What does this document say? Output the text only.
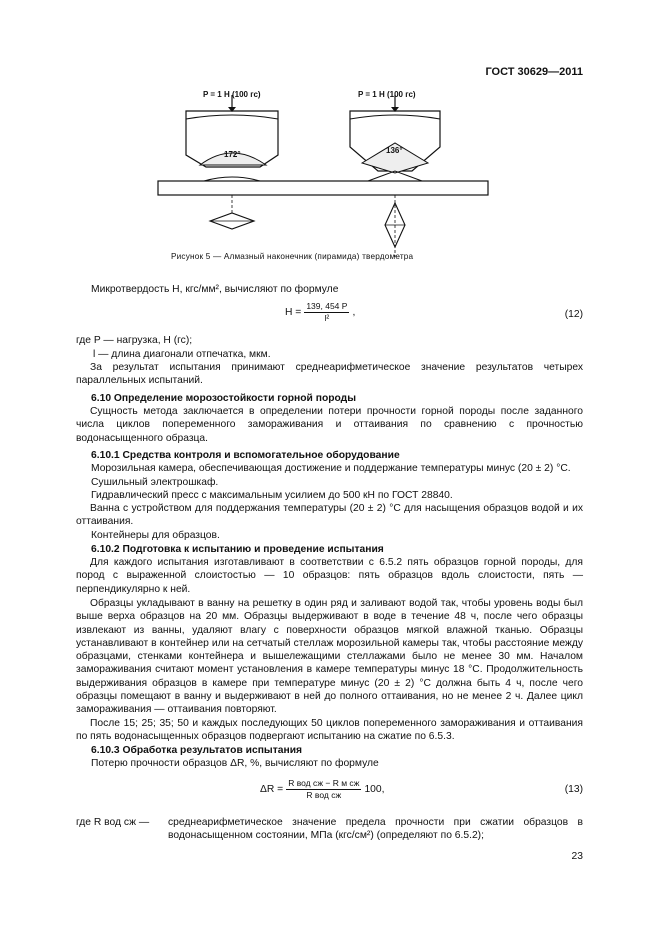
ГОСТ 30629—2011
P = 1 Н (100 гс)	P = 1 Н (100 гс)
172°	136°
Рисунок 5 — Алмазный наконечник (пирамида) твердометра
Микротвердость H, кгс/мм², вычисляют по формуле
$H = \frac{139, 454 P}{\text{l²}}$ ,	(12)
где P — нагрузка, Н (гс);
l — длина диагонали отпечатка, мкм.
За результат испытания принимают среднеарифметическое значение результатов четырех параллельных испытаний.
6.10 Определение морозостойкости горной породы
Сущность метода заключается в определении потери прочности горной породы после заданного числа циклов попеременного замораживания и оттаивания по сравнению с прочностью водонасыщенного образца.
6.10.1 Средства контроля и вспомогательное оборудование
Морозильная камера, обеспечивающая достижение и поддержание температуры минус (20 ± 2) °С.
Сушильный электрошкаф.
Гидравлический пресс с максимальным усилием до 500 кН по ГОСТ 28840.
Ванна с устройством для поддержания температуры (20 ± 2) °С для насыщения образцов водой и их оттаивания.
Контейнеры для образцов.
6.10.2 Подготовка к испытанию и проведение испытания
Для каждого испытания изготавливают в соответствии с 6.5.2 пять образцов горной породы, для пород с выраженной слоистостью — 10 образцов: пять образцов вдоль слоистости, пять — перпендикулярно к ней.
Образцы укладывают в ванну на решетку в один ряд и заливают водой так, чтобы уровень воды был выше верха образцов на 20 мм. Образцы выдерживают в воде в течение 48 ч, после чего образцы извлекают из ванны, удаляют влагу с поверхности образцов мягкой влажной тканью. Образцы устанавливают в контейнер или на сетчатый стеллаж морозильной камеры так, чтобы расстояние между образцами, стенками контейнера и вышележащими стеллажами было не менее 30 мм. Началом замораживания считают момент установления в камере температуры минус 18 °С. Продолжительность выдерживания образцов в камере при температуре минус (20 ± 2) °С должна быть 4 ч, после чего образцы помещают в ванну и выдерживают в ней до полного оттаивания, но не менее 2 ч. Далее цикл замораживания — оттаивания повторяют.
После 15; 25; 35; 50 и каждых последующих 50 циклов попеременного замораживания и оттаивания по пять водонасыщенных образцов подвергают испытанию на сжатие по 6.5.3.
6.10.3 Обработка результатов испытания
Потерю прочности образцов ΔR, %, вычисляют по формуле
$\Delta R = \frac{\text{R вод сж − R м сж}}{\text{R вод сж}} 100$,	(13)
где R вод сж —	среднеарифметическое значение предела прочности при сжатии образцов в водонасыщенном состоянии, МПа (кгс/см²) (определяют по 6.5.2);
23
